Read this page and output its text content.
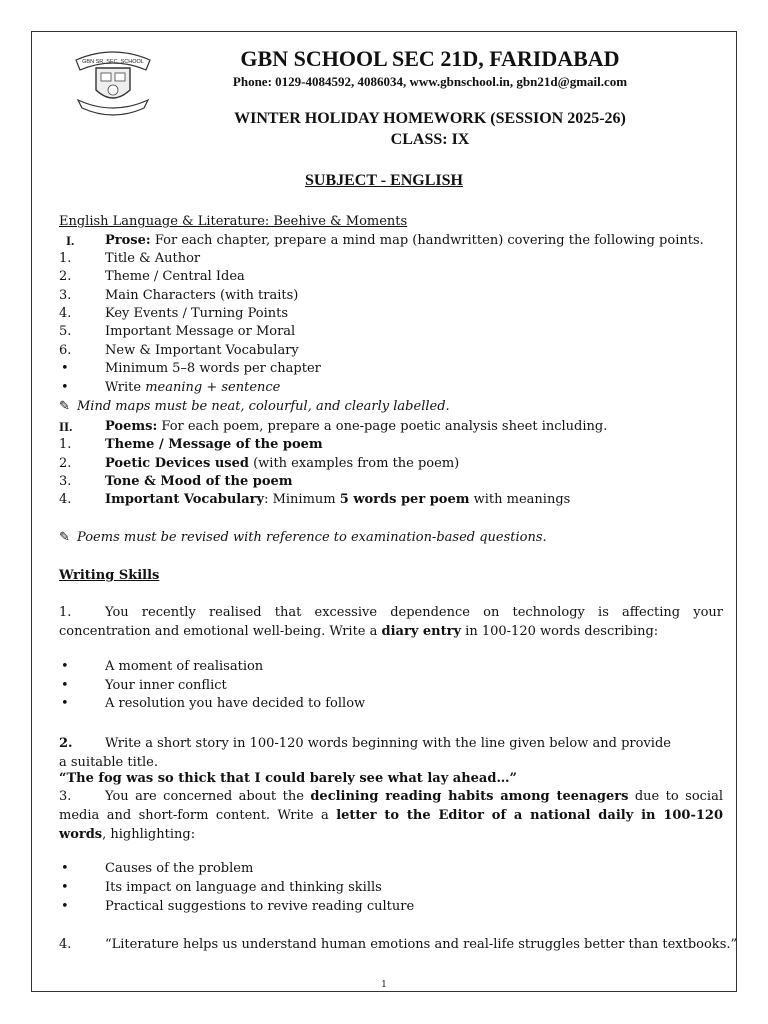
GBN SR. SEC. SCHOOL	GBN SCHOOL SEC 21D, FARIDABAD
Phone: 0129-4084592, 4086034, www.gbnschool.in, gbn21d@gmail.com
WINTER HOLIDAY HOMEWORK (SESSION 2025-26)
CLASS: IX
SUBJECT - ENGLISH
English Language & Literature: Beehive & Moments
I. Prose: For each chapter, prepare a mind map (handwritten) covering the following points.
1.	Title & Author
2.	Theme / Central Idea
3.	Main Characters (with traits)
4.	Key Events / Turning Points
5.	Important Message or Moral
6.	New & Important Vocabulary
•	Minimum 5–8 words per chapter
•	Write meaning + sentence
✎ Mind maps must be neat, colourful, and clearly labelled.
II.	Poems: For each poem, prepare a one-page poetic analysis sheet including.
1.	Theme / Message of the poem
2.	Poetic Devices used (with examples from the poem)
3.	Tone & Mood of the poem
4.	Important Vocabulary: Minimum 5 words per poem with meanings
✎ Poems must be revised with reference to examination-based questions.
Writing Skills
1.	You recently realised that excessive dependence on technology is affecting your concentration and emotional well-being. Write a diary entry in 100-120 words describing:
•	A moment of realisation
•	Your inner conflict
•	A resolution you have decided to follow
2. Write a short story in 100-120 words beginning with the line given below and provide a suitable title.
“The fog was so thick that I could barely see what lay ahead…”
3.	You are concerned about the declining reading habits among teenagers due to social media and short-form content. Write a letter to the Editor of a national daily in 100-120 words, highlighting:
•	Causes of the problem
•	Its impact on language and thinking skills
•	Practical suggestions to revive reading culture
4.	“Literature helps us understand human emotions and real-life struggles better than textbooks.”
1
